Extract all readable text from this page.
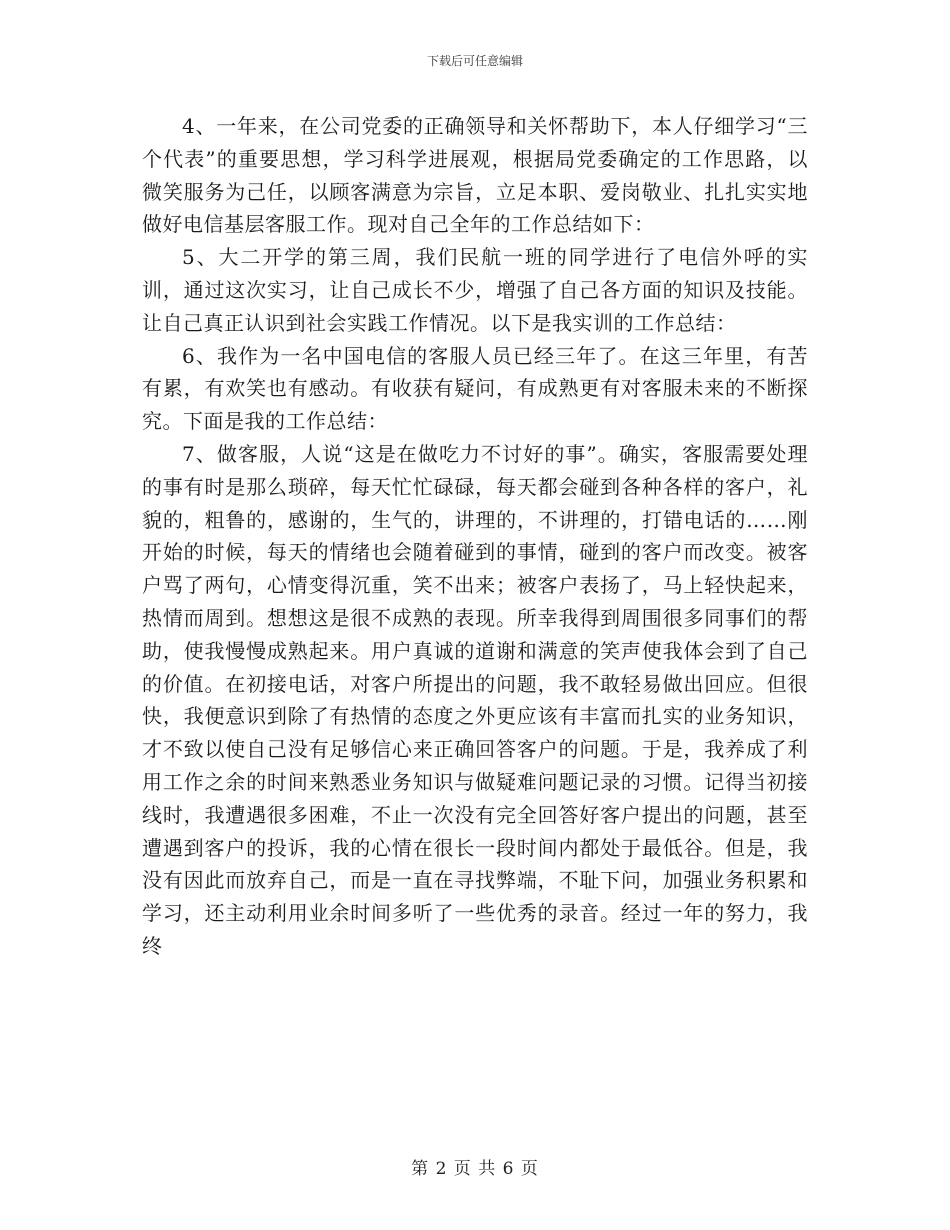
下载后可任意编辑

4、一年来，在公司党委的正确领导和关怀帮助下，本人仔细学习“三个代表”的重要思想，学习科学进展观，根据局党委确定的工作思路，以微笑服务为己任，以顾客满意为宗旨，立足本职、爱岗敬业、扎扎实实地做好电信基层客服工作。现对自己全年的工作总结如下：

5、大二开学的第三周，我们民航一班的同学进行了电信外呼的实训，通过这次实习，让自己成长不少，增强了自己各方面的知识及技能。让自己真正认识到社会实践工作情况。以下是我实训的工作总结：

6、我作为一名中国电信的客服人员已经三年了。在这三年里，有苦有累，有欢笑也有感动。有收获有疑问，有成熟更有对客服未来的不断探究。下面是我的工作总结：

7、做客服，人说“这是在做吃力不讨好的事”。确实，客服需要处理的事有时是那么琐碎，每天忙忙碌碌，每天都会碰到各种各样的客户，礼貌的，粗鲁的，感谢的，生气的，讲理的，不讲理的，打错电话的……刚开始的时候，每天的情绪也会随着碰到的事情，碰到的客户而改变。被客户骂了两句，心情变得沉重，笑不出来；被客户表扬了，马上轻快起来，热情而周到。想想这是很不成熟的表现。所幸我得到周围很多同事们的帮助，使我慢慢成熟起来。用户真诚的道谢和满意的笑声使我体会到了自己的价值。在初接电话，对客户所提出的问题，我不敢轻易做出回应。但很快，我便意识到除了有热情的态度之外更应该有丰富而扎实的业务知识，才不致以使自己没有足够信心来正确回答客户的问题。于是，我养成了利用工作之余的时间来熟悉业务知识与做疑难问题记录的习惯。记得当初接线时，我遭遇很多困难，不止一次没有完全回答好客户提出的问题，甚至遭遇到客户的投诉，我的心情在很长一段时间内都处于最低谷。但是，我没有因此而放弃自己，而是一直在寻找弊端，不耻下问，加强业务积累和学习，还主动利用业余时间多听了一些优秀的录音。经过一年的努力，我终

第 2 页 共 6 页
